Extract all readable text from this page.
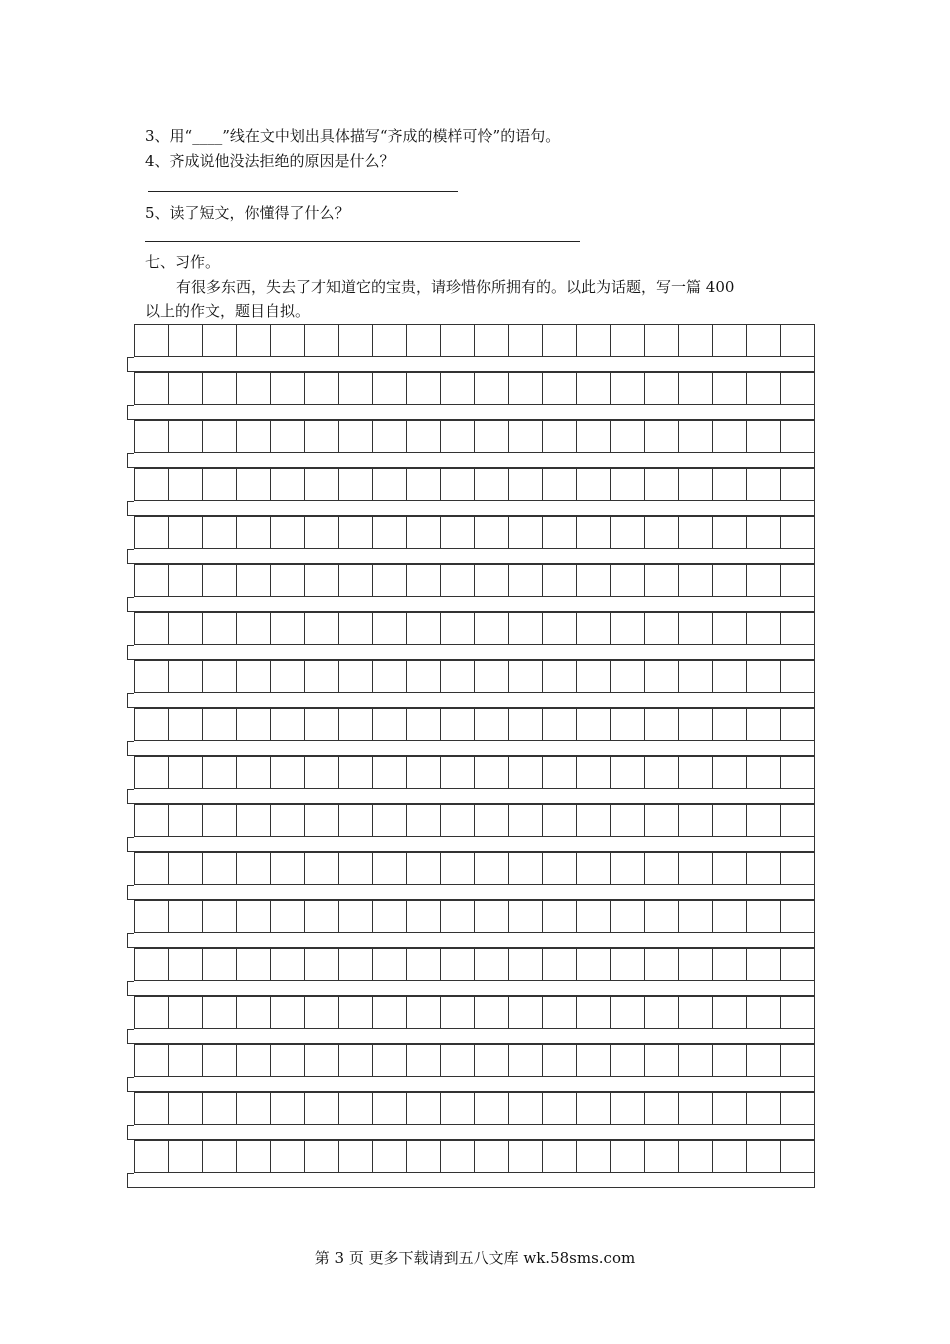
3、用“____”线在文中划出具体描写“齐成的模样可怜”的语句。
4、齐成说他没法拒绝的原因是什么？
5、读了短文，你懂得了什么？
七、习作。
有很多东西，失去了才知道它的宝贵，请珍惜你所拥有的。以此为话题，写一篇 400
以上的作文，题目自拟。
第 3 页 更多下载请到五八文库 wk.58sms.com
